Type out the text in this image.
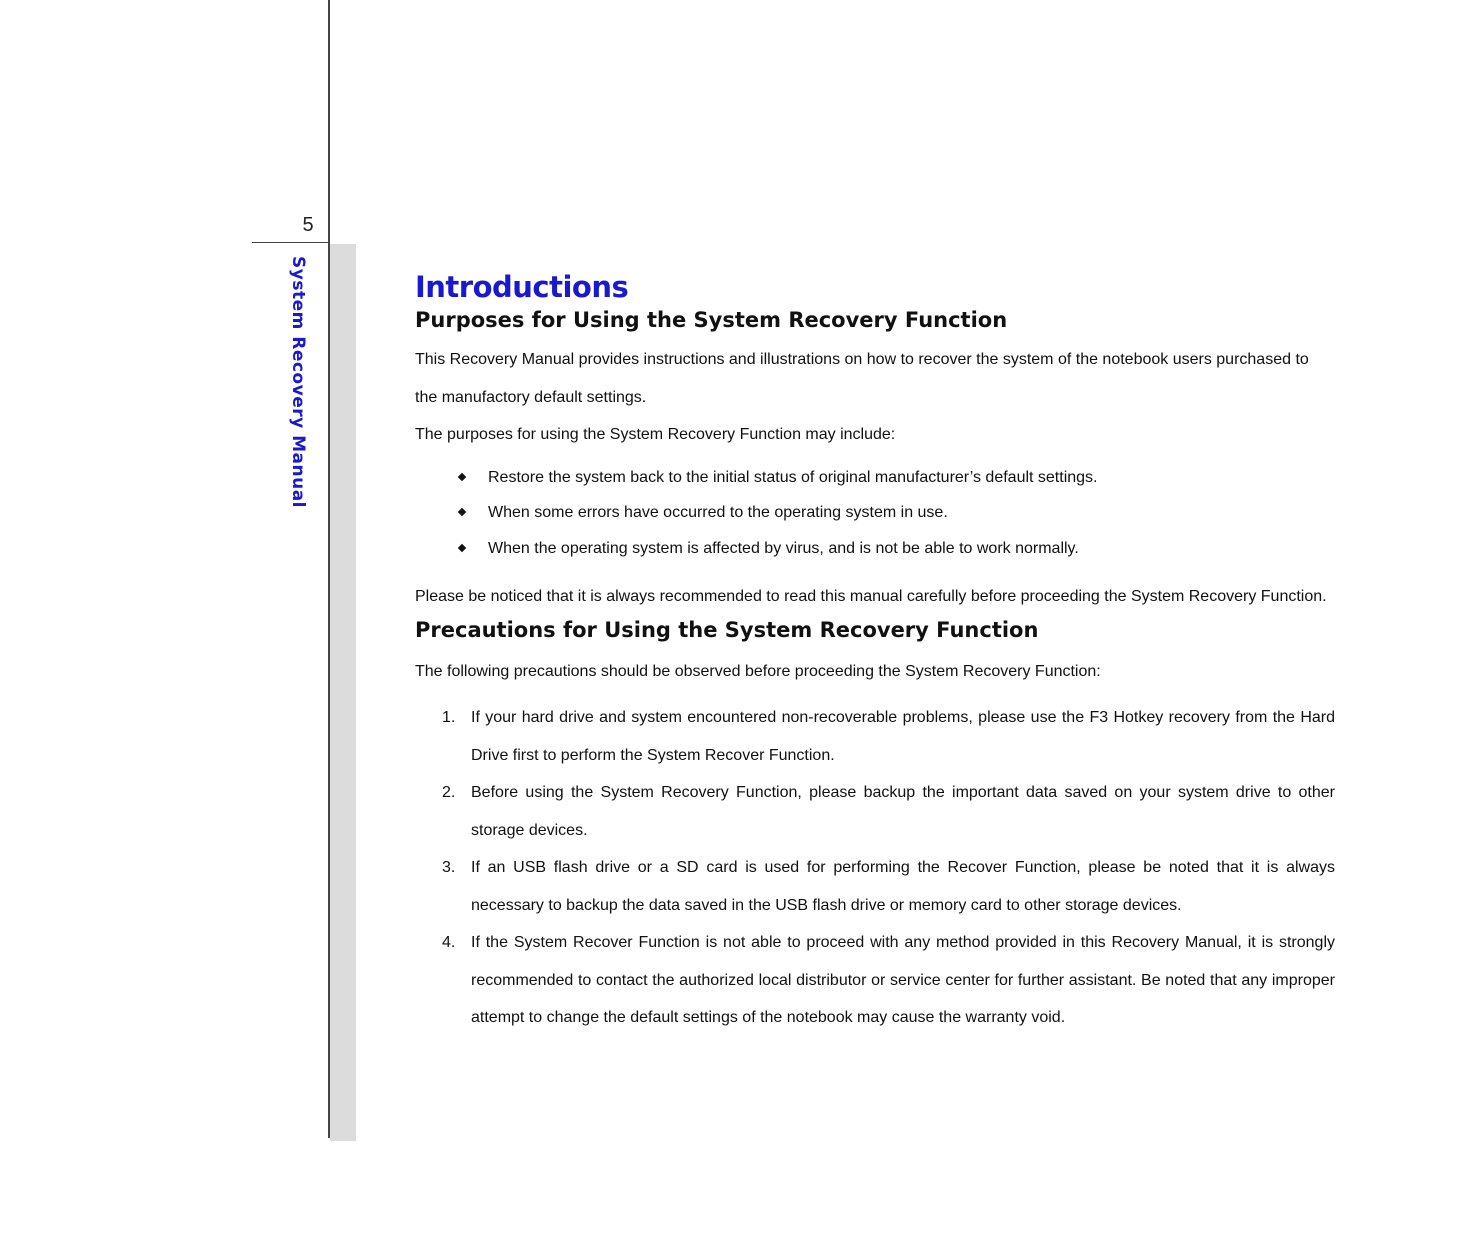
5
System Recovery Manual	Introductions
Purposes for Using the System Recovery Function

This Recovery Manual provides instructions and illustrations on how to recover the system of the notebook users purchased to the manufactory default settings.

The purposes for using the System Recovery Function may include:

Restore the system back to the initial status of original manufacturer’s default settings.
When some errors have occurred to the operating system in use.
When the operating system is affected by virus, and is not be able to work normally.

Please be noticed that it is always recommended to read this manual carefully before proceeding the System Recovery Function.

Precautions for Using the System Recovery Function

The following precautions should be observed before proceeding the System Recovery Function:

1. If your hard drive and system encountered non-recoverable problems, please use the F3 Hotkey recovery from the Hard Drive first to perform the System Recover Function.
2. Before using the System Recovery Function, please backup the important data saved on your system drive to other storage devices.
3. If an USB flash drive or a SD card is used for performing the Recover Function, please be noted that it is always necessary to backup the data saved in the USB flash drive or memory card to other storage devices.
4. If the System Recover Function is not able to proceed with any method provided in this Recovery Manual, it is strongly recommended to contact the authorized local distributor or service center for further assistant. Be noted that any improper attempt to change the default settings of the notebook may cause the warranty void.
